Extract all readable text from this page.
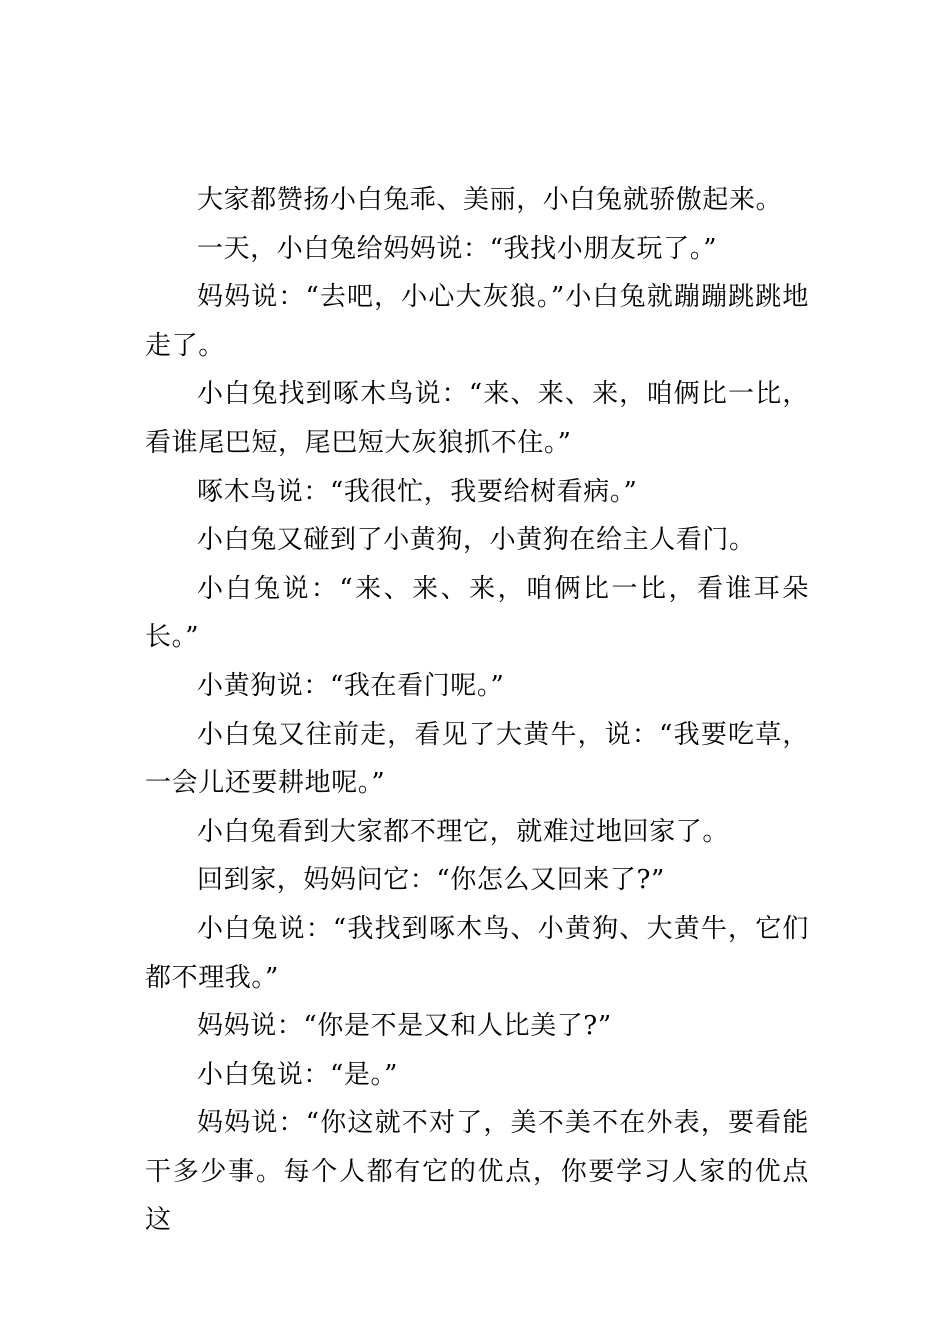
大家都赞扬小白兔乖、美丽，小白兔就骄傲起来。

一天，小白兔给妈妈说：“我找小朋友玩了。”

妈妈说：“去吧，小心大灰狼。”小白兔就蹦蹦跳跳地走了。

小白兔找到啄木鸟说：“来、来、来，咱俩比一比，看谁尾巴短，尾巴短大灰狼抓不住。”

啄木鸟说：“我很忙，我要给树看病。”

小白兔又碰到了小黄狗，小黄狗在给主人看门。

小白兔说：“来、来、来，咱俩比一比，看谁耳朵长。”

小黄狗说：“我在看门呢。”

小白兔又往前走，看见了大黄牛，说：“我要吃草，一会儿还要耕地呢。”

小白兔看到大家都不理它，就难过地回家了。

回到家，妈妈问它：“你怎么又回来了?”

小白兔说：“我找到啄木鸟、小黄狗、大黄牛，它们都不理我。”

妈妈说：“你是不是又和人比美了?”

小白兔说：“是。”

妈妈说：“你这就不对了，美不美不在外表，要看能干多少事。每个人都有它的优点，你要学习人家的优点这
